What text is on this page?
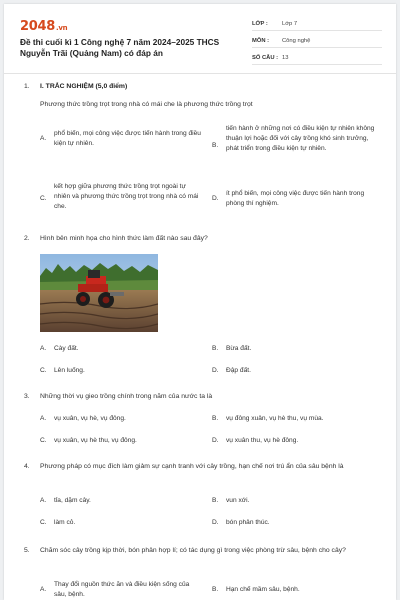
2048.vn
Đề thi cuối kì 1 Công nghệ 7 năm 2024–2025 THCS Nguyễn Trãi (Quảng Nam) có đáp án
LỚP :	Lớp 7
MÔN :	Công nghệ
SỐ CÂU : 13
1.	I. TRẮC NGHIỆM (5,0 điểm)
Phương thức trồng trọt trong nhà có mái che là phương thức trồng trọt
A.
phổ biến, mọi công việc được tiến hành trong điều kiện tự nhiên.	B.
tiến hành ở những nơi có điều kiện tự nhiên không thuận lợi hoặc đối với cây trồng khó sinh trưởng, phát triển trong điều kiện tự nhiên.
C.
kết hợp giữa phương thức trồng trọt ngoài tự nhiên và phương thức trồng trọt trong nhà có mái che.
D.
ít phổ biến, mọi công việc được tiến hành trong phòng thí nghiệm.
2.	Hình bên minh họa cho hình thức làm đất nào sau đây?
A. Cày đất.	B. Bừa đất.
C. Lên luống.	D. Đập đất.
3.	Những thời vụ gieo trồng chính trong năm của nước ta là
A. vụ xuân, vụ hè, vụ đông.	B. vụ đông xuân, vụ hè thu, vụ mùa.
C. vụ xuân, vụ hè thu, vụ đông.	D. vụ xuân thu, vụ hè đông.
4.	Phương pháp có mục đích làm giảm sự cạnh tranh với cây trồng, hạn chế nơi trú ẩn của sâu bệnh là
A. tỉa, dặm cây.	B. vun xới.
C. làm cỏ.	D. bón phân thúc.
5.	Chăm sóc cây trồng kịp thời, bón phân hợp lí; có tác dụng gì trong việc phòng trừ sâu, bệnh cho cây?
A.
Thay đổi nguồn thức ăn và điều kiện sống của sâu, bệnh.
B. Hạn chế mầm sâu, bệnh.
